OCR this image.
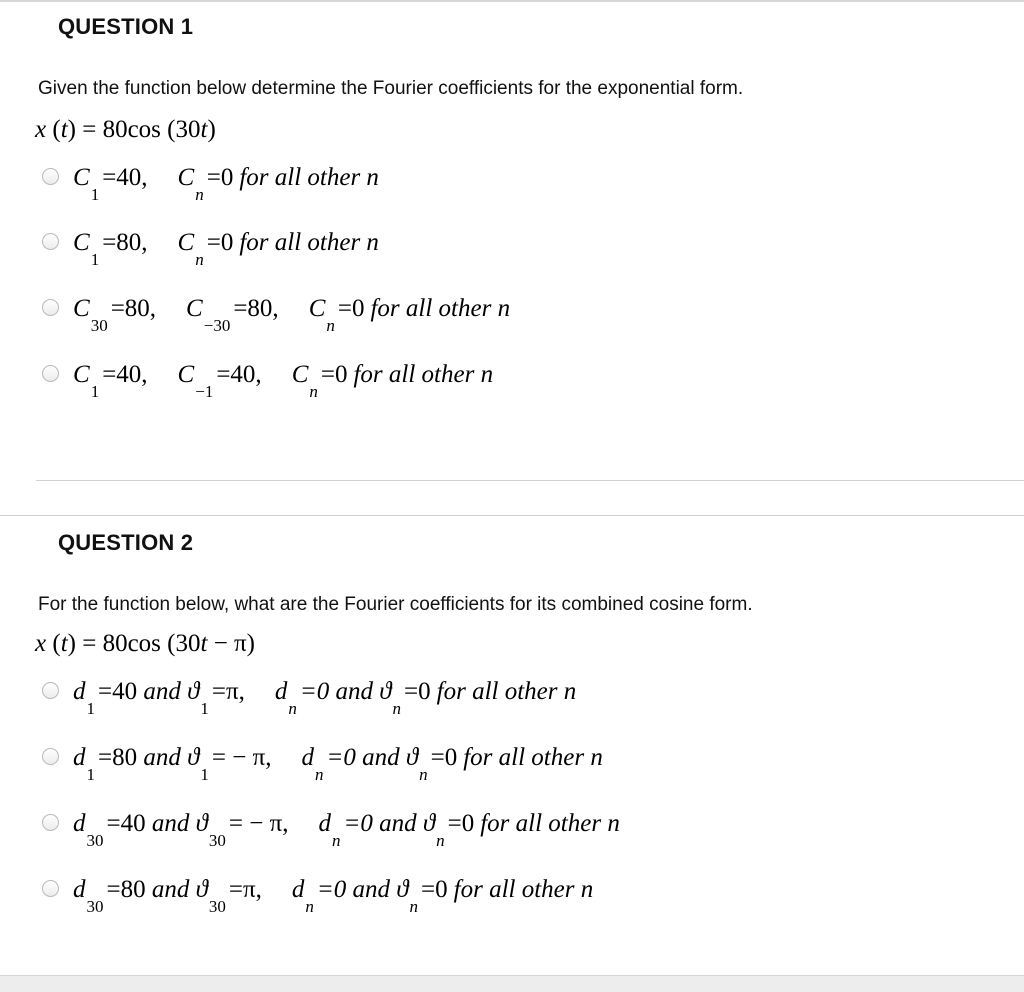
QUESTION 1
Given the function below determine the Fourier coefficients for the exponential form.
x (t) = 80cos (30t)
C1=40, Cn=0 for all other n
C1=80, Cn=0 for all other n
C30=80, C−30=80, Cn=0 for all other n
C1=40, C−1=40, Cn=0 for all other n
QUESTION 2
For the function below, what are the Fourier coefficients for its combined cosine form.
x (t) = 80cos (30t − π)
d1=40 and ϑ1=π, dn=0 and ϑn=0 for all other n
d1=80 and ϑ1= − π, dn=0 and ϑn=0 for all other n
d30=40 and ϑ30= − π, dn=0 and ϑn=0 for all other n
d30=80 and ϑ30=π, dn=0 and ϑn=0 for all other n
